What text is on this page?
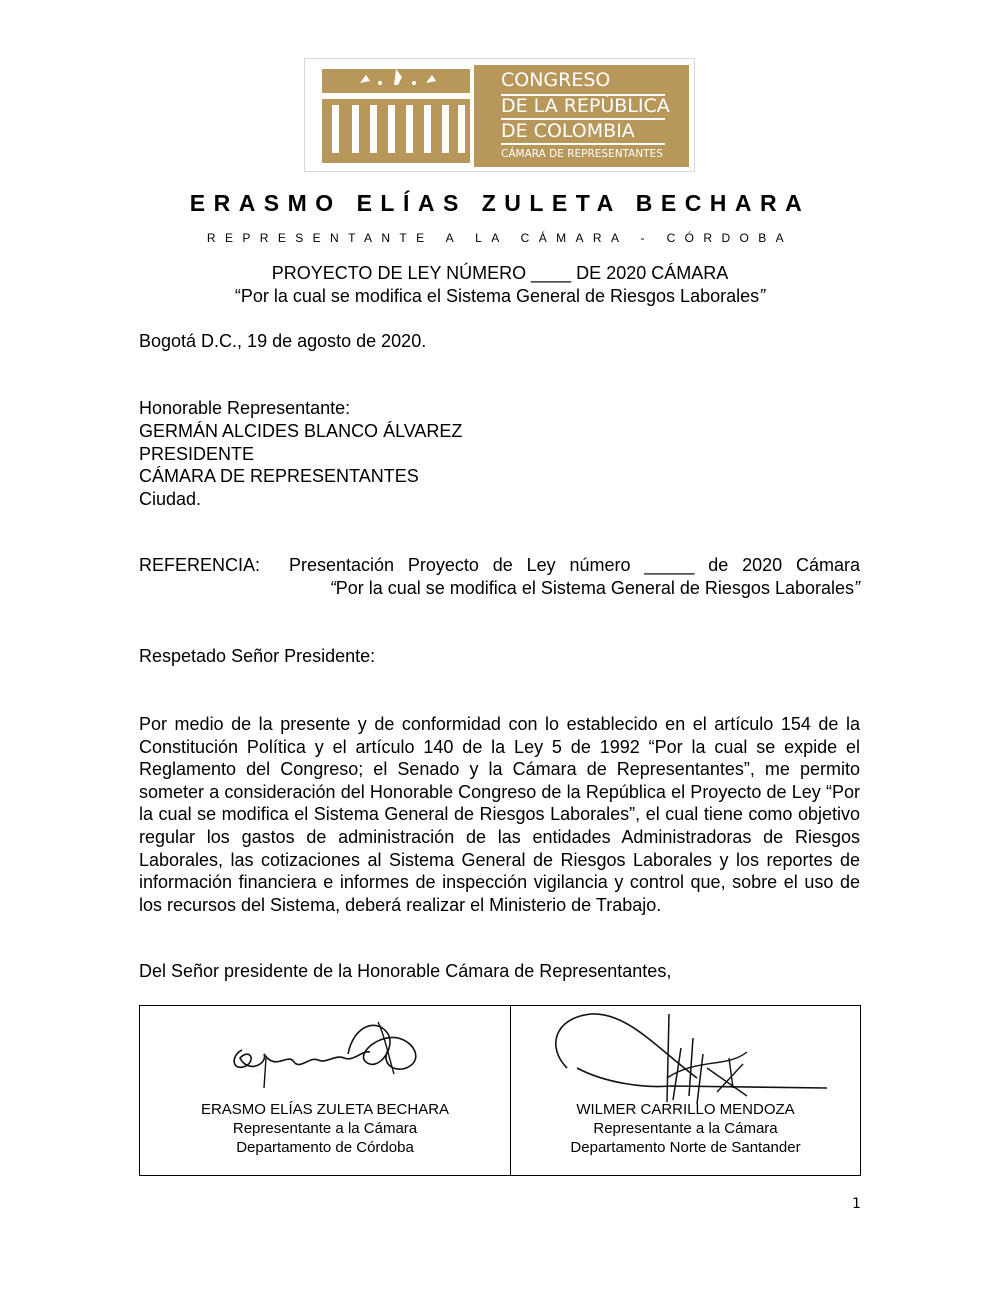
CONGRESO
DE LA REPÚBLICA
DE COLOMBIA
CÁMARA DE REPRESENTANTES
ERASMO ELÍAS ZULETA BECHARA
REPRESENTANTE A LA CÁMARA - CÓRDOBA
PROYECTO DE LEY NÚMERO ____ DE 2020 CÁMARA
“Por la cual se modifica el Sistema General de Riesgos Laborales”
Bogotá D.C., 19 de agosto de 2020.
Honorable Representante:
GERMÁN ALCIDES BLANCO ÁLVAREZ
PRESIDENTE
CÁMARA DE REPRESENTANTES
Ciudad.
REFERENCIA: Presentación Proyecto de Ley número _____ de 2020 Cámara
“Por la cual se modifica el Sistema General de Riesgos Laborales”
Respetado Señor Presidente:

Por medio de la presente y de conformidad con lo establecido en el artículo 154 de la Constitución Política y el artículo 140 de la Ley 5 de 1992 “Por la cual se expide el Reglamento del Congreso; el Senado y la Cámara de Representantes”, me permito someter a consideración del Honorable Congreso de la República el Proyecto de Ley “Por la cual se modifica el Sistema General de Riesgos Laborales”, el cual tiene como objetivo regular los gastos de administración de las entidades Administradoras de Riesgos Laborales, las cotizaciones al Sistema General de Riesgos Laborales y los reportes de información financiera e informes de inspección vigilancia y control que, sobre el uso de los recursos del Sistema, deberá realizar el Ministerio de Trabajo.

Del Señor presidente de la Honorable Cámara de Representantes,
ERASMO ELÍAS ZULETA BECHARA
Representante a la Cámara
Departamento de Córdoba
WILMER CARRILLO MENDOZA
Representante a la Cámara
Departamento Norte de Santander
1
